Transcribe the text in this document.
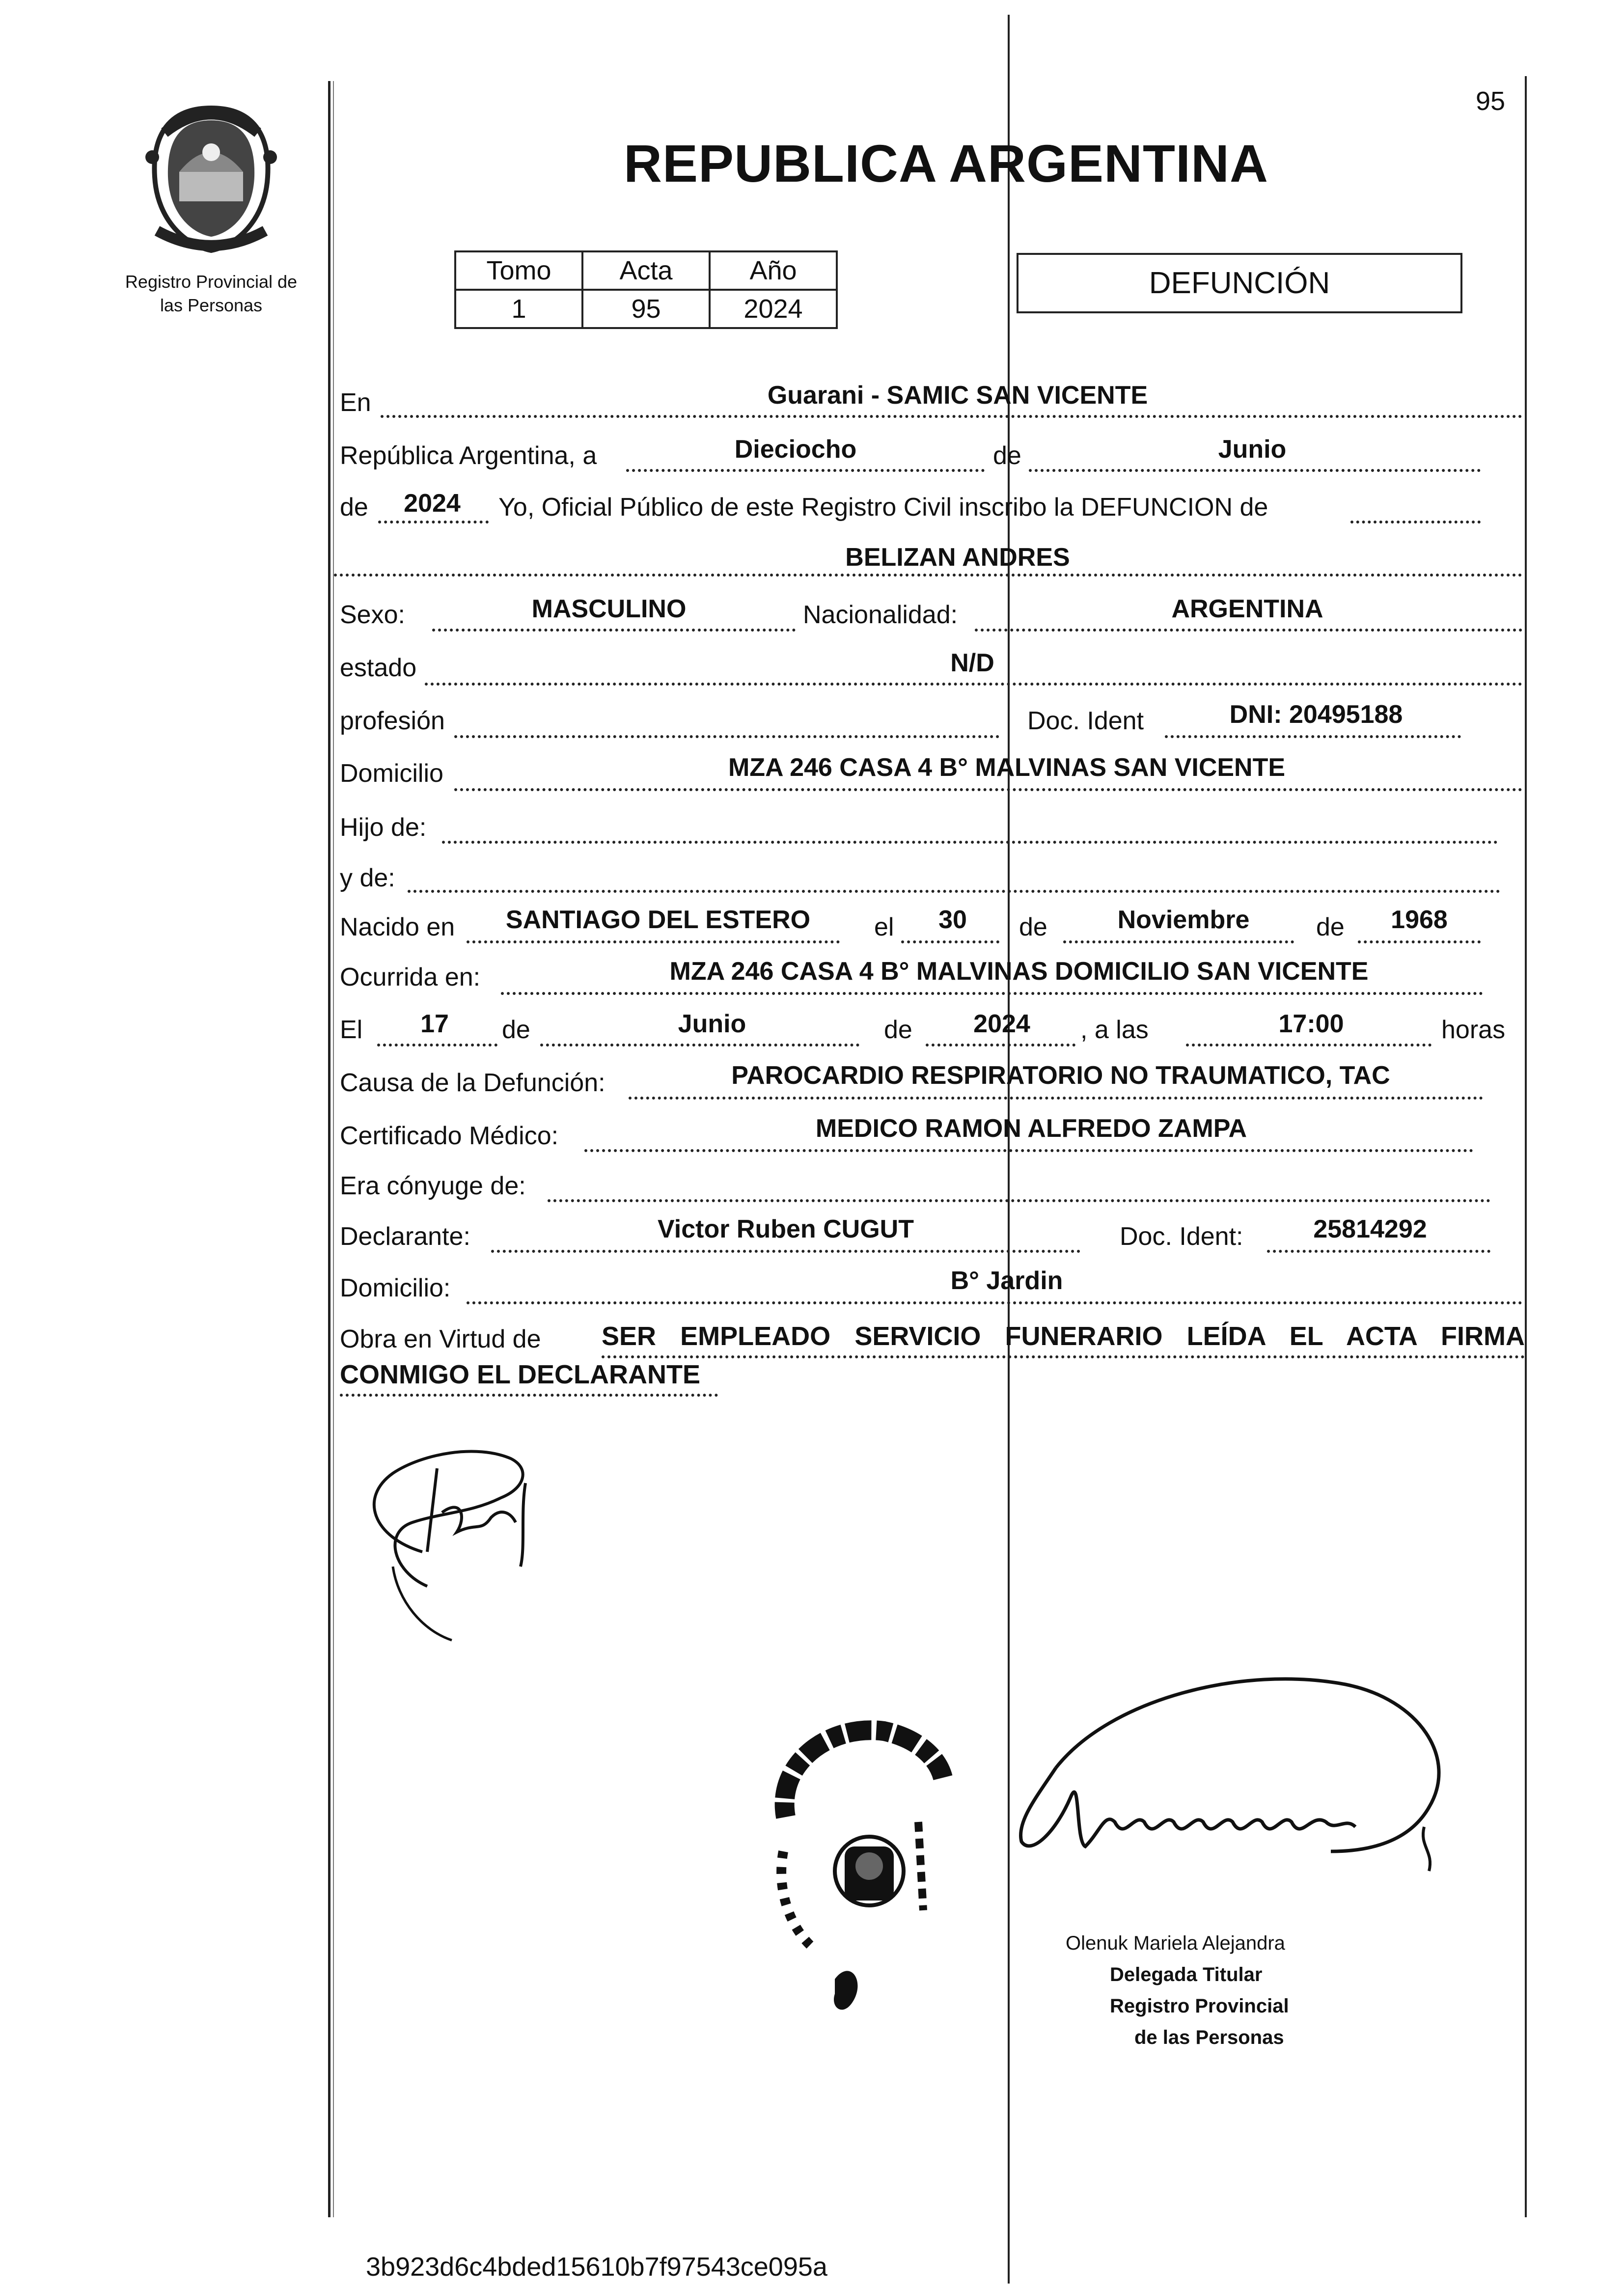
Registro Provincial de
las Personas
95
REPUBLICA ARGENTINA
Tomo	Acta	Año
1	95	2024
DEFUNCIÓN
En	Guarani - SAMIC SAN VICENTE
República Argentina, a	Dieciocho	de	Junio
de	2024	Yo, Oficial Público de este Registro Civil inscribo la DEFUNCION de
BELIZAN ANDRES
Sexo:	MASCULINO	Nacionalidad:	ARGENTINA
estado	N/D
profesión	Doc. Ident	DNI: 20495188
Domicilio	MZA 246 CASA 4 B° MALVINAS SAN VICENTE
Hijo de:
y de:
Nacido en	SANTIAGO DEL ESTERO	el	30	de	Noviembre	de	1968
Ocurrida en:	MZA 246 CASA 4 B° MALVINAS DOMICILIO SAN VICENTE
El	17	de	Junio	de	2024	, a las	17:00	horas
Causa de la Defunción:	PAROCARDIO RESPIRATORIO NO TRAUMATICO, TAC
Certificado Médico:	MEDICO RAMON ALFREDO ZAMPA
Era cónyuge de:
Declarante:	Victor Ruben CUGUT	Doc. Ident:	25814292
Domicilio:	B° Jardin
Obra en Virtud de SER EMPLEADO SERVICIO FUNERARIO LEÍDA EL ACTA FIRMA
CONMIGO EL DECLARANTE
Olenuk Mariela Alejandra
Delegada Titular
Registro Provincial
de las Personas
3b923d6c4bded15610b7f97543ce095a
